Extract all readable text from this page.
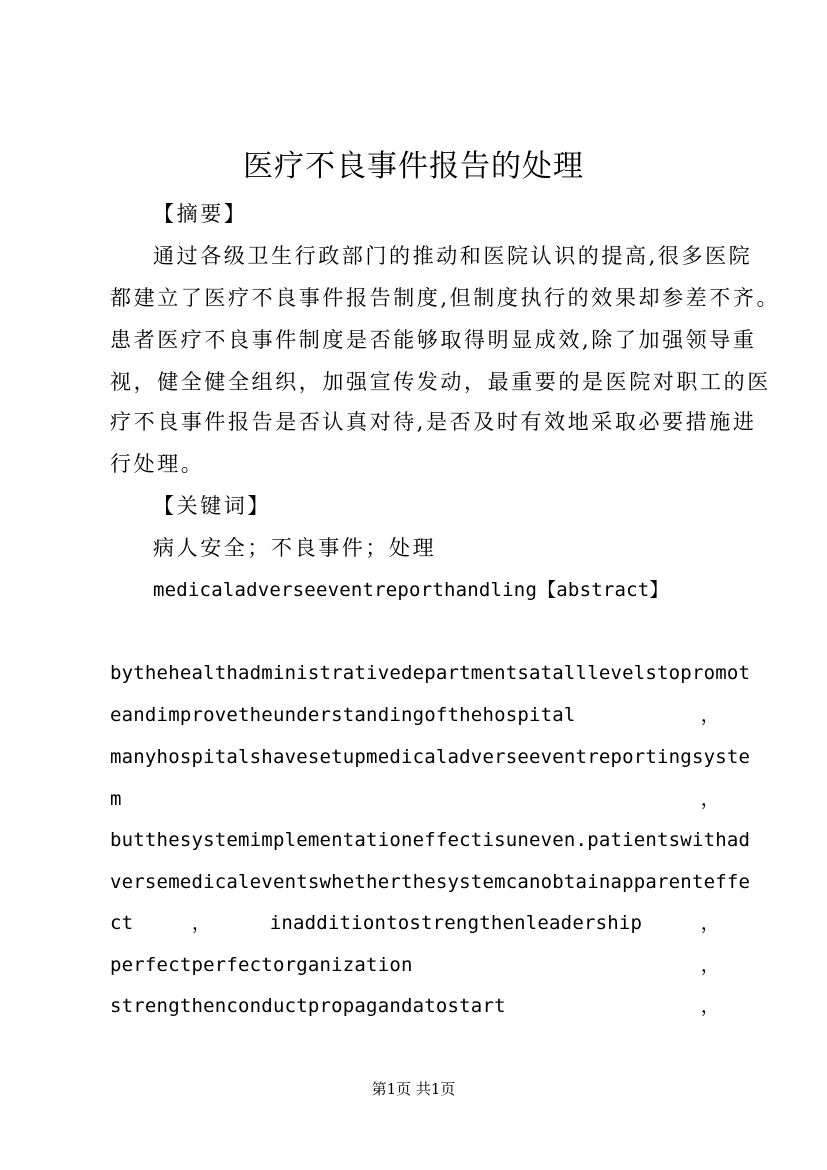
医疗不良事件报告的处理
【摘要】
通过各级卫生行政部门的推动和医院认识的提高,很多医院
都建立了医疗不良事件报告制度,但制度执行的效果却参差不齐。
患者医疗不良事件制度是否能够取得明显成效,除了加强领导重
视，健全健全组织，加强宣传发动，最重要的是医院对职工的医
疗不良事件报告是否认真对待,是否及时有效地采取必要措施进
行处理。
【关键词】
病人安全；不良事件；处理
medicaladverseeventreporthandling【abstract】
bythehealthadministrativedepartmentsatalllevelstopromot
eandimprovetheunderstandingofthehospital	，
manyhospitalshavesetupmedicaladverseeventreportingsyste
m	，
butthesystemimplementationeffectisuneven.patientswithad
versemedicaleventswhetherthesystemcanobtainapparenteffe
ct	，	inadditiontostrengthenleadership	，
perfectperfectorganization	，
strengthenconductpropagandatostart	，
第1页 共1页
